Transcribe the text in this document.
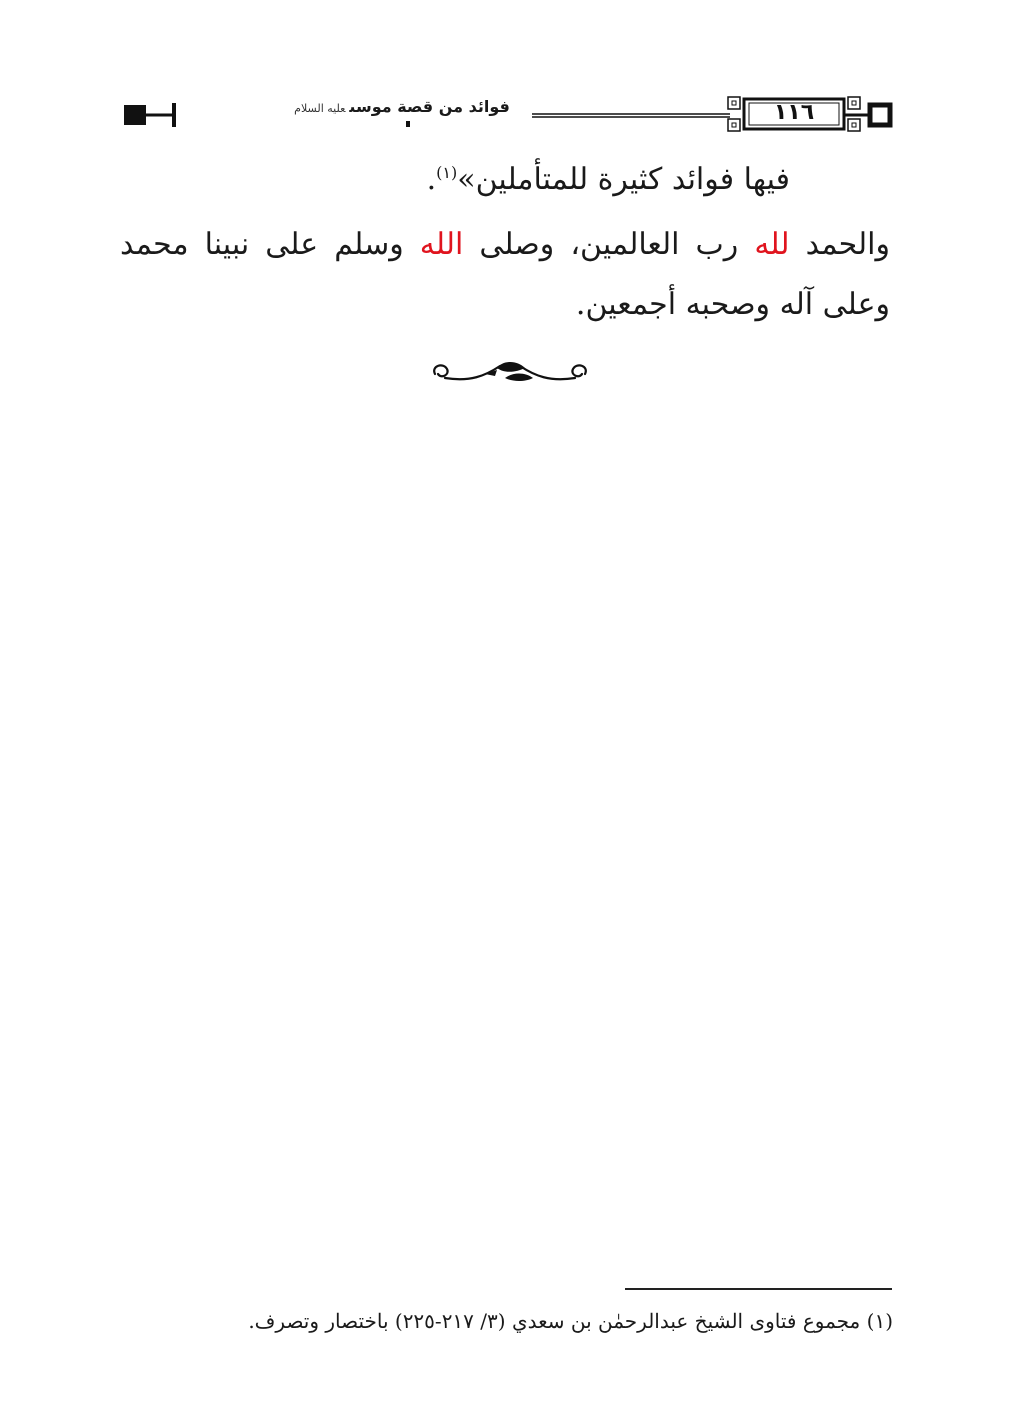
فوائد من قصة موسىعليه السلام	١١٦
فيها فوائد كثيرة للمتأملين»$^{(١)}$.
والحمد لله رب العالمين، وصلى الله وسلم على نبينا محمد وعلى آله وصحبه أجمعين.
(١) مجموع فتاوى الشيخ عبدالرحمٰن بن سعدي (٣/ ٢١٧-٢٢٥) باختصار وتصرف.
